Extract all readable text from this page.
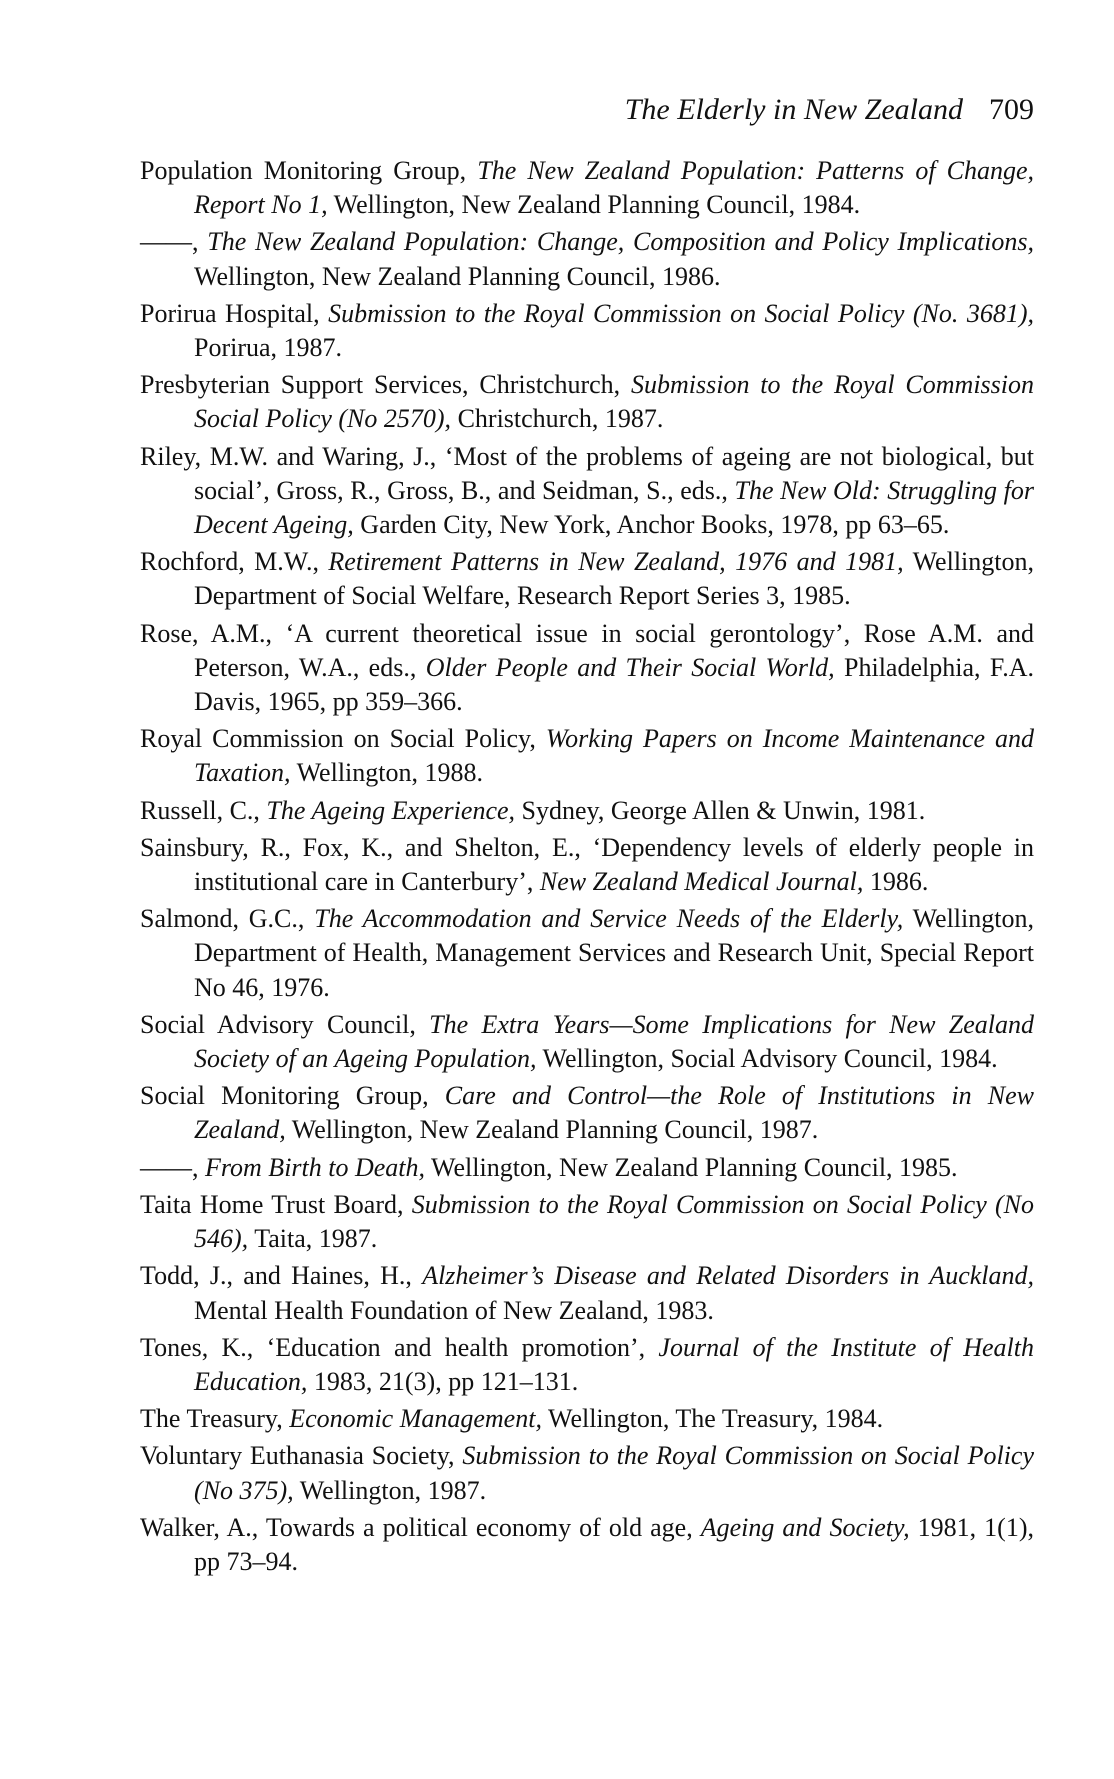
The Elderly in New Zealand 709

Population Monitoring Group, The New Zealand Population: Patterns of Change, Report No 1, Wellington, New Zealand Planning Council, 1984.

——, The New Zealand Population: Change, Composition and Policy Implications, Wellington, New Zealand Planning Council, 1986.

Porirua Hospital, Submission to the Royal Commission on Social Policy (No. 3681), Porirua, 1987.

Presbyterian Support Services, Christchurch, Submission to the Royal Commission Social Policy (No 2570), Christchurch, 1987.

Riley, M.W. and Waring, J., ‘Most of the problems of ageing are not biological, but social’, Gross, R., Gross, B., and Seidman, S., eds., The New Old: Struggling for Decent Ageing, Garden City, New York, Anchor Books, 1978, pp 63–65.

Rochford, M.W., Retirement Patterns in New Zealand, 1976 and 1981, Wellington, Department of Social Welfare, Research Report Series 3, 1985.

Rose, A.M., ‘A current theoretical issue in social gerontology’, Rose A.M. and Peterson, W.A., eds., Older People and Their Social World, Philadelphia, F.A. Davis, 1965, pp 359–366.

Royal Commission on Social Policy, Working Papers on Income Maintenance and Taxation, Wellington, 1988.

Russell, C., The Ageing Experience, Sydney, George Allen & Unwin, 1981.

Sainsbury, R., Fox, K., and Shelton, E., ‘Dependency levels of elderly people in institutional care in Canterbury’, New Zealand Medical Journal, 1986.

Salmond, G.C., The Accommodation and Service Needs of the Elderly, Wellington, Department of Health, Management Services and Research Unit, Special Report No 46, 1976.

Social Advisory Council, The Extra Years—Some Implications for New Zealand Society of an Ageing Population, Wellington, Social Advisory Council, 1984.

Social Monitoring Group, Care and Control—the Role of Institutions in New Zealand, Wellington, New Zealand Planning Council, 1987.

——, From Birth to Death, Wellington, New Zealand Planning Council, 1985.

Taita Home Trust Board, Submission to the Royal Commission on Social Policy (No 546), Taita, 1987.

Todd, J., and Haines, H., Alzheimer’s Disease and Related Disorders in Auckland, Mental Health Foundation of New Zealand, 1983.

Tones, K., ‘Education and health promotion’, Journal of the Institute of Health Education, 1983, 21(3), pp 121–131.

The Treasury, Economic Management, Wellington, The Treasury, 1984.

Voluntary Euthanasia Society, Submission to the Royal Commission on Social Policy (No 375), Wellington, 1987.

Walker, A., Towards a political economy of old age, Ageing and Society, 1981, 1(1), pp 73–94.
